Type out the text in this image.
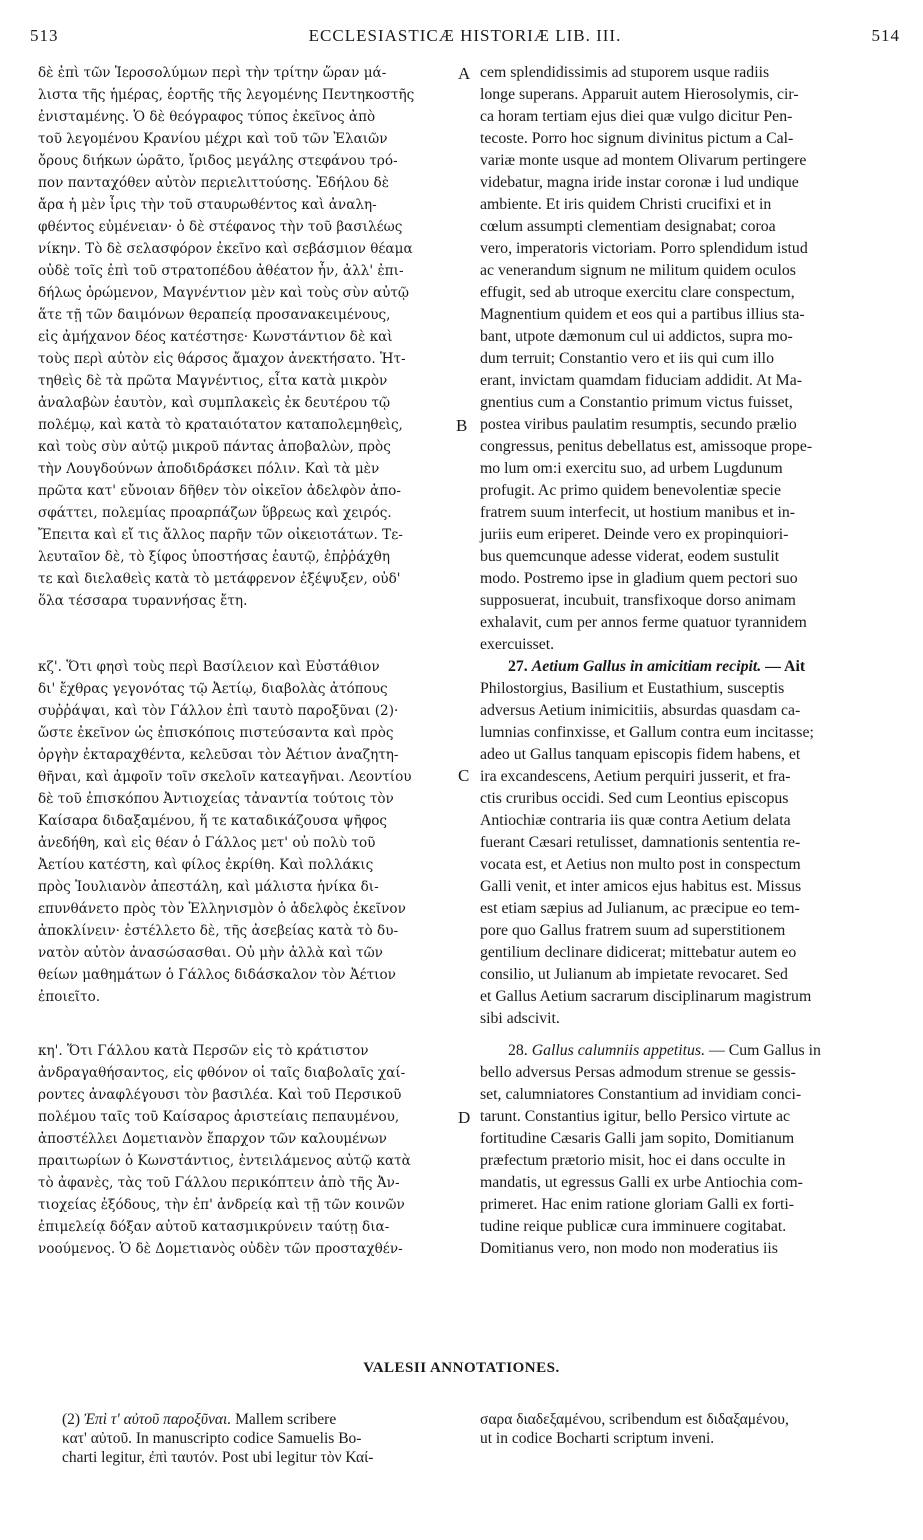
513	ECCLESIASTICÆ HISTORIÆ LIB. III.	514
δὲ ἐπὶ τῶν Ἱεροσολύμων περὶ τὴν τρίτην ὥραν μά-
λιστα τῆς ἡμέρας, ἑορτῆς τῆς λεγομένης Πεντηκοστῆς
ἐνισταμένης. Ὁ δὲ θεόγραφος τύπος ἐκεῖνος ἀπὸ
τοῦ λεγομένου Κρανίου μέχρι καὶ τοῦ τῶν Ἐλαιῶν
ὄρους διήκων ὡρᾶτο, ἴριδος μεγάλης στεφάνου τρό-
πον πανταχόθεν αὐτὸν περιελιττούσης. Ἐδήλου δὲ
ἄρα ἡ μὲν ἶρις τὴν τοῦ σταυρωθέντος καὶ ἀναλη-
φθέντος εὐμένειαν· ὁ δὲ στέφανος τὴν τοῦ βασιλέως
νίκην. Τὸ δὲ σελασφόρον ἐκεῖνο καὶ σεβάσμιον θέαμα
οὐδὲ τοῖς ἐπὶ τοῦ στρατοπέδου ἀθέατον ἦν, ἀλλ' ἐπι-
δήλως ὁρώμενον, Μαγνέντιον μὲν καὶ τοὺς σὺν αὐτῷ
ἅτε τῇ τῶν δαιμόνων θεραπείᾳ προσανακειμένους,
εἰς ἀμήχανον δέος κατέστησε· Κωνστάντιον δὲ καὶ
τοὺς περὶ αὐτὸν εἰς θάρσος ἄμαχον ἀνεκτήσατο. Ἡτ-
τηθεὶς δὲ τὰ πρῶτα Μαγνέντιος, εἶτα κατὰ μικρὸν
ἀναλαβὼν ἑαυτὸν, καὶ συμπλακεὶς ἐκ δευτέρου τῷ
πολέμῳ, καὶ κατὰ τὸ κραταιότατον καταπολεμηθεὶς,
καὶ τοὺς σὺν αὐτῷ μικροῦ πάντας ἀποβαλὼν, πρὸς
τὴν Λουγδούνων ἀποδιδράσκει πόλιν. Καὶ τὰ μὲν
πρῶτα κατ' εὔνοιαν δῆθεν τὸν οἰκεῖον ἀδελφὸν ἀπο-
σφάττει, πολεμίας προαρπάζων ὕβρεως καὶ χειρός.
Ἔπειτα καὶ εἴ τις ἄλλος παρῆν τῶν οἰκειοτάτων. Τε-
λευταῖον δὲ, τὸ ξίφος ὑποστήσας ἑαυτῷ, ἐπῤῥάχθη
τε καὶ διελαθεὶς κατὰ τὸ μετάφρενον ἐξέψυξεν, οὐδ'
ὅλα τέσσαρα τυραννήσας ἔτη.
κζ'. Ὅτι φησὶ τοὺς περὶ Βασίλειον καὶ Εὐστάθιον
δι' ἔχθρας γεγονότας τῷ Ἀετίῳ, διαβολὰς ἀτόπους
συῤῥάψαι, καὶ τὸν Γάλλον ἐπὶ ταυτὸ παροξῦναι (2)·
ὥστε ἐκεῖνον ὡς ἐπισκόποις πιστεύσαντα καὶ πρὸς
ὀργὴν ἐκταραχθέντα, κελεῦσαι τὸν Ἀέτιον ἀναζητη-
θῆναι, καὶ ἀμφοῖν τοῖν σκελοῖν κατεαγῆναι. Λεοντίου
δὲ τοῦ ἐπισκόπου Ἀντιοχείας τἀναντία τούτοις τὸν
Καίσαρα διδαξαμένου, ἥ τε καταδικάζουσα ψῆφος
ἀνεδήθη, καὶ εἰς θέαν ὁ Γάλλος μετ' οὐ πολὺ τοῦ
Ἀετίου κατέστη, καὶ φίλος ἐκρίθη. Καὶ πολλάκις
πρὸς Ἰουλιανὸν ἀπεστάλη, καὶ μάλιστα ἡνίκα δι-
επυνθάνετο πρὸς τὸν Ἑλληνισμὸν ὁ ἀδελφὸς ἐκεῖνον
ἀποκλίνειν· ἐστέλλετο δὲ, τῆς ἀσεβείας κατὰ τὸ δυ-
νατὸν αὐτὸν ἀνασώσασθαι. Οὐ μὴν ἀλλὰ καὶ τῶν
θείων μαθημάτων ὁ Γάλλος διδάσκαλον τὸν Ἀέτιον
ἐποιεῖτο.
κη'. Ὅτι Γάλλου κατὰ Περσῶν εἰς τὸ κράτιστον
ἀνδραγαθήσαντος, εἰς φθόνον οἱ ταῖς διαβολαῖς χαί-
ροντες ἀναφλέγουσι τὸν βασιλέα. Καὶ τοῦ Περσικοῦ
πολέμου ταῖς τοῦ Καίσαρος ἀριστείαις πεπαυμένου,
ἀποστέλλει Δομετιανὸν ἔπαρχον τῶν καλουμένων
πραιτωρίων ὁ Κωνστάντιος, ἐντειλάμενος αὐτῷ κατὰ
τὸ ἀφανὲς, τὰς τοῦ Γάλλου περικόπτειν ἀπὸ τῆς Ἀν-
τιοχείας ἐξόδους, τὴν ἐπ' ἀνδρείᾳ καὶ τῇ τῶν κοινῶν
ἐπιμελείᾳ δόξαν αὐτοῦ κατασμικρύνειν ταύτῃ δια-
νοούμενος. Ὁ δὲ Δομετιανὸς οὐδὲν τῶν προσταχθέν-
cem splendidissimis ad stuporem usque radiis
longe superans. Apparuit autem Hierosolymis, cir-
ca horam tertiam ejus diei quæ vulgo dicitur Pen-
tecoste. Porro hoc signum divinitus pictum a Cal-
variæ monte usque ad montem Olivarum pertingere
videbatur, magna iride instar coronæ i lud undique
ambiente. Et iris quidem Christi crucifixi et in
cœlum assumpti clementiam designabat; coroa
vero, imperatoris victoriam. Porro splendidum istud
ac venerandum signum ne militum quidem oculos
effugit, sed ab utroque exercitu clare conspectum,
Magnentium quidem et eos qui a partibus illius sta-
bant, utpote dæmonum cul ui addictos, supra mo-
dum terruit; Constantio vero et iis qui cum illo
erant, invictam quamdam fiduciam addidit. At Ma-
gnentius cum a Constantio primum victus fuisset,
postea viribus paulatim resumptis, secundo prælio
congressus, penitus debellatus est, amissoque prope-
mo lum om:i exercitu suo, ad urbem Lugdunum
profugit. Ac primo quidem benevolentiæ specie
fratrem suum interfecit, ut hostium manibus et in-
juriis eum eriperet. Deinde vero ex propinquiori-
bus quemcunque adesse viderat, eodem sustulit
modo. Postremo ipse in gladium quem pectori suo
supposuerat, incubuit, transfixoque dorso animam
exhalavit, cum per annos ferme quatuor tyrannidem
exercuisset.
27. Aetium Gallus in amicitiam recipit. — Ait
Philostorgius, Basilium et Eustathium, susceptis
adversus Aetium inimicitiis, absurdas quasdam ca-
lumnias confinxisse, et Gallum contra eum incitasse;
adeo ut Gallus tanquam episcopis fidem habens, et
ira excandescens, Aetium perquiri jusserit, et fra-
ctis cruribus occidi. Sed cum Leontius episcopus
Antiochiæ contraria iis quæ contra Aetium delata
fuerant Cæsari retulisset, damnationis sententia re-
vocata est, et Aetius non multo post in conspectum
Galli venit, et inter amicos ejus habitus est. Missus
est etiam sæpius ad Julianum, ac præcipue eo tem-
pore quo Gallus fratrem suum ad superstitionem
gentilium declinare didicerat; mittebatur autem eo
consilio, ut Julianum ab impietate revocaret. Sed
et Gallus Aetium sacrarum disciplinarum magistrum
sibi adscivit.
28. Gallus calumniis appetitus. — Cum Gallus in
bello adversus Persas admodum strenue se gessis-
set, calumniatores Constantium ad invidiam conci-
tarunt. Constantius igitur, bello Persico virtute ac
fortitudine Cæsaris Galli jam sopito, Domitianum
præfectum prætorio misit, hoc ei dans occulte in
mandatis, ut egressus Galli ex urbe Antiochia com-
primeret. Hac enim ratione gloriam Galli ex forti-
tudine reique publicæ cura imminuere cogitabat.
Domitianus vero, non modo non moderatius iis
A
B
C
D
VALESII ANNOTATIONES.
(2) Ἐπὶ τ' αὐτοῦ παροξῦναι. Mallem scribere
κατ' αὐτοῦ. In manuscripto codice Samuelis Bo-
charti legitur, ἐπὶ ταυτόν. Post ubi legitur τὸν Καί-
σαρα διαδεξαμένου, scribendum est διδαξαμένου,
ut in codice Bocharti scriptum inveni.
